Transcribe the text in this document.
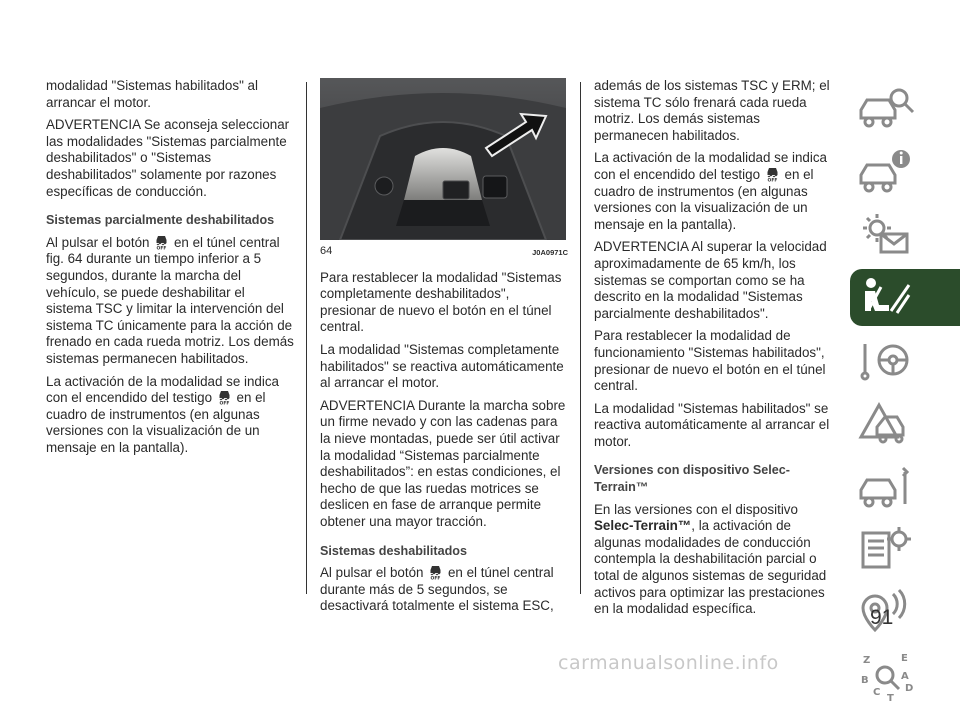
modalidad "Sistemas habilitados" al arrancar el motor.

ADVERTENCIA Se aconseja seleccionar las modalidades "Sistemas parcialmente deshabilitados" o "Sistemas deshabilitados" solamente por razones específicas de conducción.

Sistemas parcialmente deshabilitados

Al pulsar el botón en el túnel central fig. 64 durante un tiempo inferior a 5 segundos, durante la marcha del vehículo, se puede deshabilitar el sistema TSC y limitar la intervención del sistema TC únicamente para la acción de frenado en cada rueda motriz. Los demás sistemas permanecen habilitados.

La activación de la modalidad se indica con el encendido del testigo en el cuadro de instrumentos (en algunas versiones con la visualización de un mensaje en la pantalla).

64	J0A0971C

Para restablecer la modalidad "Sistemas completamente deshabilitados", presionar de nuevo el botón en el túnel central.

La modalidad "Sistemas completamente habilitados" se reactiva automáticamente al arrancar el motor.

ADVERTENCIA Durante la marcha sobre un firme nevado y con las cadenas para la nieve montadas, puede ser útil activar la modalidad “Sistemas parcialmente deshabilitados”: en estas condiciones, el hecho de que las ruedas motrices se deslicen en fase de arranque permite obtener una mayor tracción.

Sistemas deshabilitados

Al pulsar el botón en el túnel central durante más de 5 segundos, se desactivará totalmente el sistema ESC,

además de los sistemas TSC y ERM; el sistema TC sólo frenará cada rueda motriz. Los demás sistemas permanecen habilitados.

La activación de la modalidad se indica con el encendido del testigo en el cuadro de instrumentos (en algunas versiones con la visualización de un mensaje en la pantalla).

ADVERTENCIA Al superar la velocidad aproximadamente de 65 km/h, los sistemas se comportan como se ha descrito en la modalidad "Sistemas parcialmente deshabilitados".

Para restablecer la modalidad de funcionamiento "Sistemas habilitados", presionar de nuevo el botón en el túnel central.

La modalidad "Sistemas habilitados" se reactiva automáticamente al arrancar el motor.

Versiones con dispositivo Selec-Terrain™

En las versiones con el dispositivo Selec-Terrain™, la activación de algunas modalidades de conducción contempla la deshabilitación parcial o total de algunos sistemas de seguridad activos para optimizar las prestaciones en la modalidad específica.

Z	E
B
C
A
D
T
91
carmanualsonline.info
